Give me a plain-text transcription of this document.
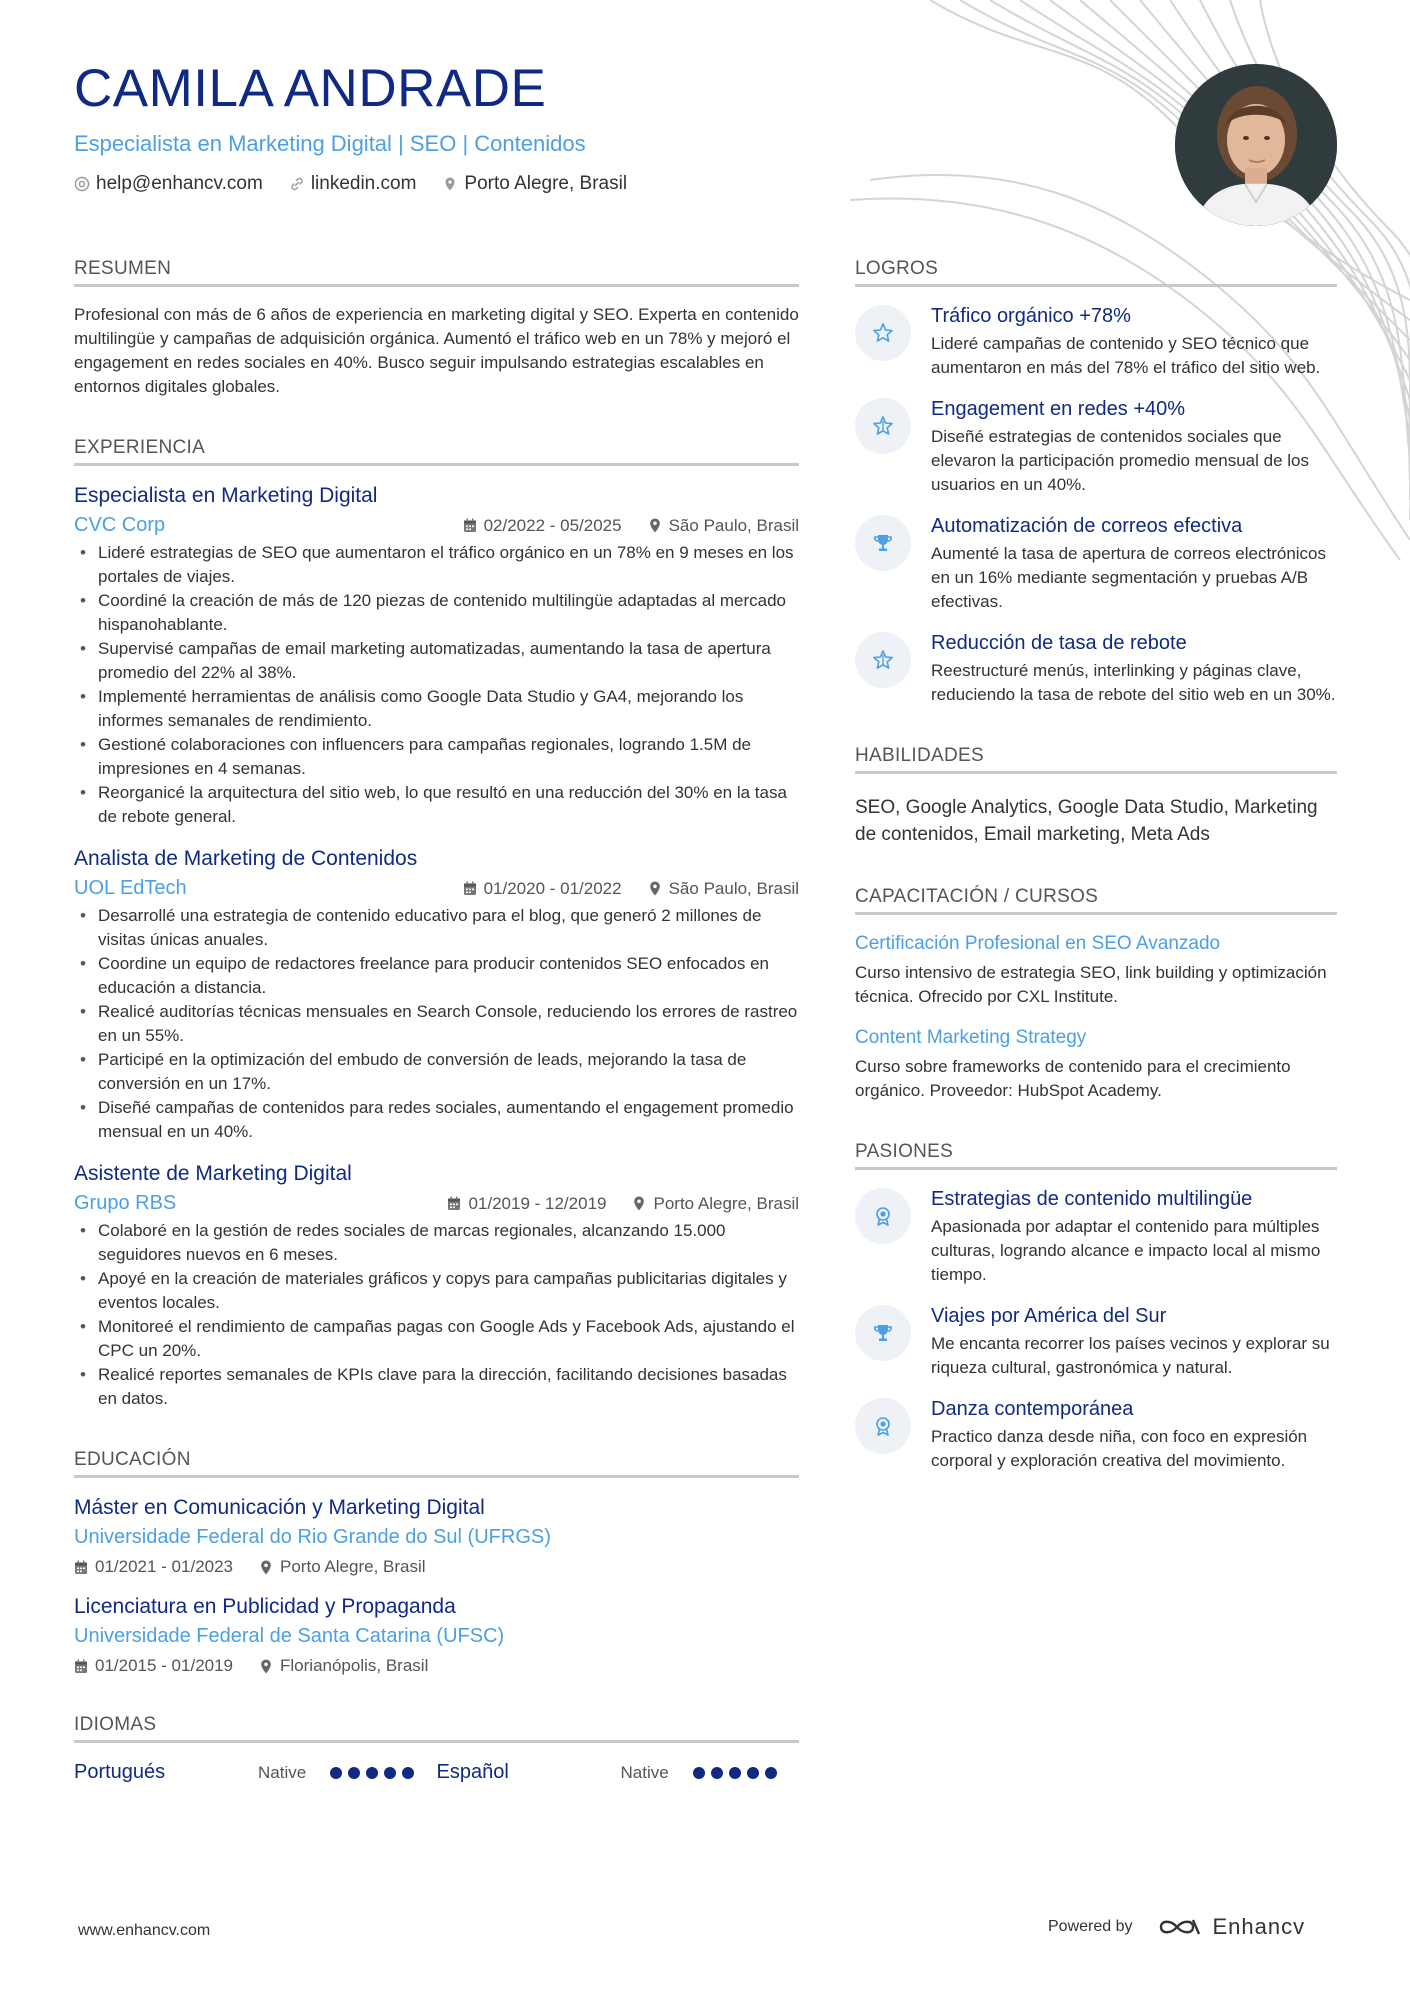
CAMILA ANDRADE
Especialista en Marketing Digital | SEO | Contenidos
help@enhancv.com	linkedin.com	Porto Alegre, Brasil
RESUMEN
Profesional con más de 6 años de experiencia en marketing digital y SEO. Experta en contenido multilingüe y campañas de adquisición orgánica. Aumentó el tráfico web en un 78% y mejoró el engagement en redes sociales en 40%. Busco seguir impulsando estrategias escalables en entornos digitales globales.
EXPERIENCIA
Especialista en Marketing Digital
CVC Corp	02/2022 - 05/2025	São Paulo, Brasil
• Lideré estrategias de SEO que aumentaron el tráfico orgánico en un 78% en 9 meses en los portales de viajes.
• Coordiné la creación de más de 120 piezas de contenido multilingüe adaptadas al mercado hispanohablante.
• Supervisé campañas de email marketing automatizadas, aumentando la tasa de apertura promedio del 22% al 38%.
• Implementé herramientas de análisis como Google Data Studio y GA4, mejorando los informes semanales de rendimiento.
• Gestioné colaboraciones con influencers para campañas regionales, logrando 1.5M de impresiones en 4 semanas.
• Reorganicé la arquitectura del sitio web, lo que resultó en una reducción del 30% en la tasa de rebote general.
Analista de Marketing de Contenidos
UOL EdTech	01/2020 - 01/2022	São Paulo, Brasil
• Desarrollé una estrategia de contenido educativo para el blog, que generó 2 millones de visitas únicas anuales.
• Coordine un equipo de redactores freelance para producir contenidos SEO enfocados en educación a distancia.
• Realicé auditorías técnicas mensuales en Search Console, reduciendo los errores de rastreo en un 55%.
• Participé en la optimización del embudo de conversión de leads, mejorando la tasa de conversión en un 17%.
• Diseñé campañas de contenidos para redes sociales, aumentando el engagement promedio mensual en un 40%.
Asistente de Marketing Digital
Grupo RBS	01/2019 - 12/2019	Porto Alegre, Brasil
• Colaboré en la gestión de redes sociales de marcas regionales, alcanzando 15.000 seguidores nuevos en 6 meses.
• Apoyé en la creación de materiales gráficos y copys para campañas publicitarias digitales y eventos locales.
• Monitoreé el rendimiento de campañas pagas con Google Ads y Facebook Ads, ajustando el CPC un 20%.
• Realicé reportes semanales de KPIs clave para la dirección, facilitando decisiones basadas en datos.
EDUCACIÓN
Máster en Comunicación y Marketing Digital
Universidade Federal do Rio Grande do Sul (UFRGS)
01/2021 - 01/2023	Porto Alegre, Brasil
Licenciatura en Publicidad y Propaganda
Universidade Federal de Santa Catarina (UFSC)
01/2015 - 01/2019	Florianópolis, Brasil
IDIOMAS
Portugués	Native	Español	Native
LOGROS
Tráfico orgánico +78%
Lideré campañas de contenido y SEO técnico que aumentaron en más del 78% el tráfico del sitio web.
Engagement en redes +40%
Diseñé estrategias de contenidos sociales que elevaron la participación promedio mensual de los usuarios en un 40%.
Automatización de correos efectiva
Aumenté la tasa de apertura de correos electrónicos en un 16% mediante segmentación y pruebas A/B efectivas.
Reducción de tasa de rebote
Reestructuré menús, interlinking y páginas clave, reduciendo la tasa de rebote del sitio web en un 30%.
HABILIDADES
SEO, Google Analytics, Google Data Studio, Marketing de contenidos, Email marketing, Meta Ads
CAPACITACIÓN / CURSOS
Certificación Profesional en SEO Avanzado
Curso intensivo de estrategia SEO, link building y optimización técnica. Ofrecido por CXL Institute.
Content Marketing Strategy
Curso sobre frameworks de contenido para el crecimiento orgánico. Proveedor: HubSpot Academy.
PASIONES
Estrategias de contenido multilingüe
Apasionada por adaptar el contenido para múltiples culturas, logrando alcance e impacto local al mismo tiempo.
Viajes por América del Sur
Me encanta recorrer los países vecinos y explorar su riqueza cultural, gastronómica y natural.
Danza contemporánea
Practico danza desde niña, con foco en expresión corporal y exploración creativa del movimiento.
www.enhancv.com	Powered by	Enhancv
